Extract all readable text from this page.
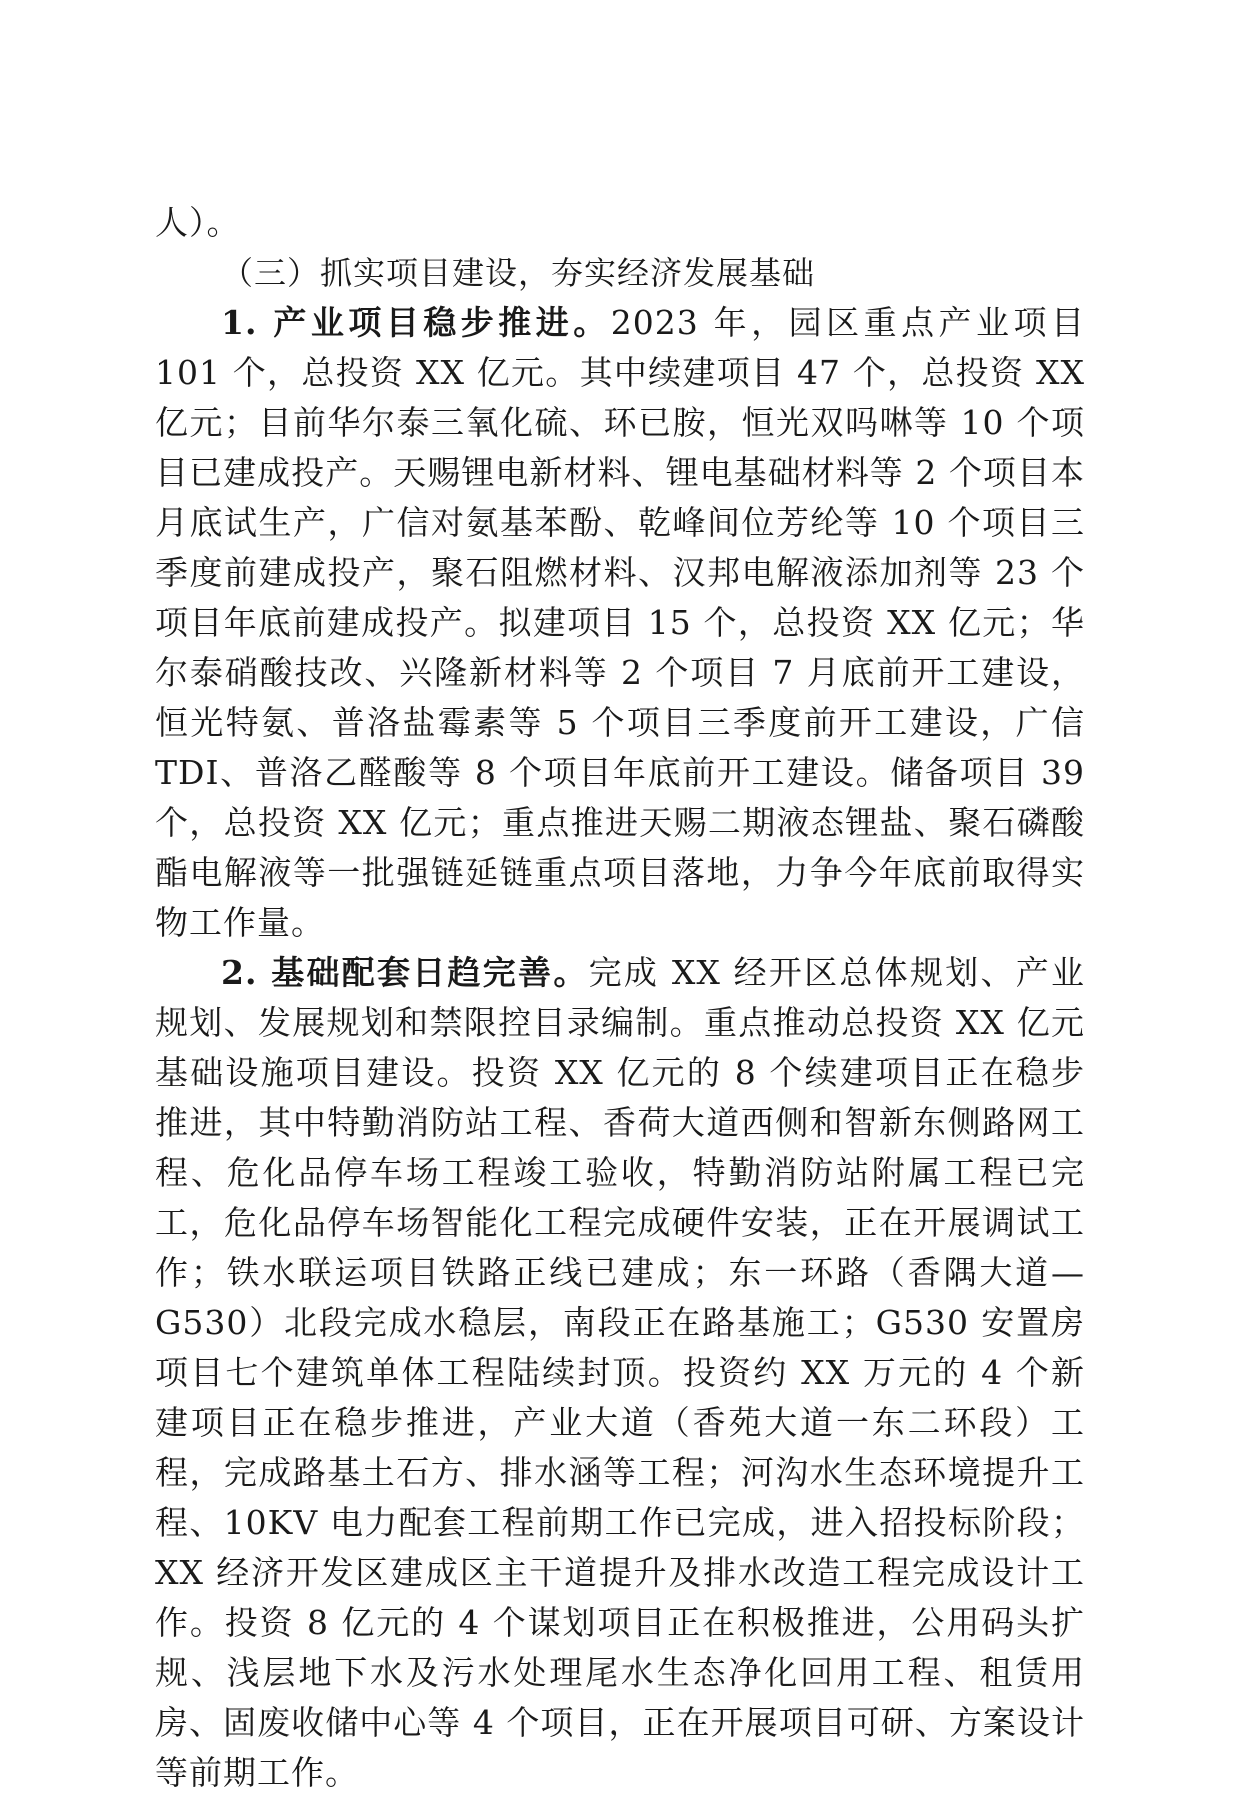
人）。

（三）抓实项目建设，夯实经济发展基础

1. 产业项目稳步推进。2023 年，园区重点产业项目 101 个，总投资 XX 亿元。其中续建项目 47 个，总投资 XX 亿元；目前华尔泰三氧化硫、环已胺，恒光双吗啉等 10 个项目已建成投产。天赐锂电新材料、锂电基础材料等 2 个项目本月底试生产，广信对氨基苯酚、乾峰间位芳纶等 10 个项目三季度前建成投产，聚石阻燃材料、汉邦电解液添加剂等 23 个项目年底前建成投产。拟建项目 15 个，总投资 XX 亿元；华尔泰硝酸技改、兴隆新材料等 2 个项目 7 月底前开工建设，恒光特氨、普洛盐霉素等 5 个项目三季度前开工建设，广信 TDI、普洛乙醛酸等 8 个项目年底前开工建设。储备项目 39 个，总投资 XX 亿元；重点推进天赐二期液态锂盐、聚石磷酸酯电解液等一批强链延链重点项目落地，力争今年底前取得实物工作量。

2. 基础配套日趋完善。完成 XX 经开区总体规划、产业规划、发展规划和禁限控目录编制。重点推动总投资 XX 亿元基础设施项目建设。投资 XX 亿元的 8 个续建项目正在稳步推进，其中特勤消防站工程、香荷大道西侧和智新东侧路网工程、危化品停车场工程竣工验收，特勤消防站附属工程已完工，危化品停车场智能化工程完成硬件安装，正在开展调试工作；铁水联运项目铁路正线已建成；东一环路（香隅大道—G530）北段完成水稳层，南段正在路基施工；G530 安置房项目七个建筑单体工程陆续封顶。投资约 XX 万元的 4 个新建项目正在稳步推进，产业大道（香苑大道一东二环段）工程，完成路基土石方、排水涵等工程；河沟水生态环境提升工程、10KV 电力配套工程前期工作已完成，进入招投标阶段；XX 经济开发区建成区主干道提升及排水改造工程完成设计工作。投资 8 亿元的 4 个谋划项目正在积极推进，公用码头扩规、浅层地下水及污水处理尾水生态净化回用工程、租赁用房、固废收储中心等 4 个项目，正在开展项目可研、方案设计等前期工作。
